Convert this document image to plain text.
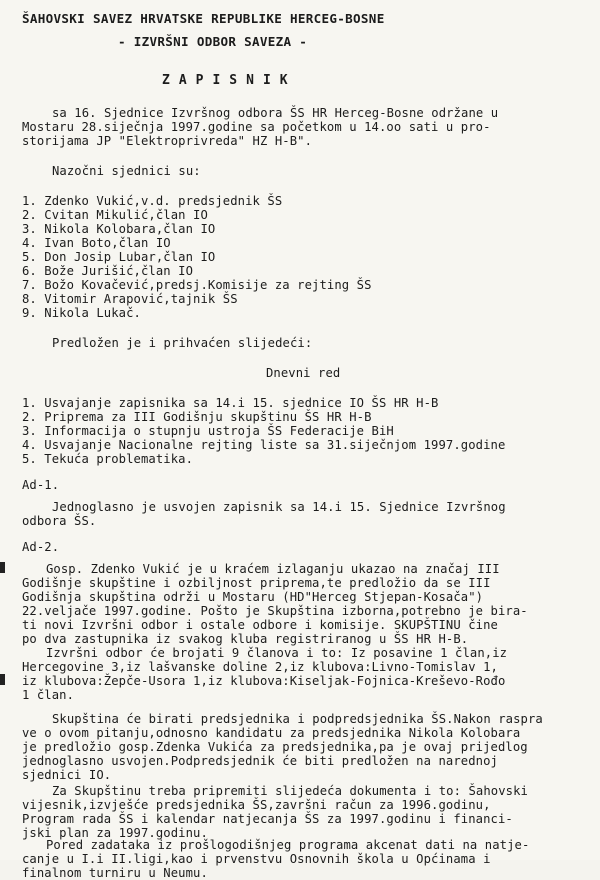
ŠAHOVSKI SAVEZ HRVATSKE REPUBLIKE HERCEG-BOSNE
- IZVRŠNI ODBOR SAVEZA -
ZAPISNIK
sa 16. Sjednice Izvršnog odbora ŠS HR Herceg-Bosne održane u
Mostaru 28.siječnja 1997.godine sa početkom u 14.oo sati u pro-
storijama JP "Elektroprivreda" HZ H-B".
Nazočni sjednici su:
1. Zdenko Vukić,v.d. predsjednik ŠS
2. Cvitan Mikulić,član IO
3. Nikola Kolobara,član IO
4. Ivan Boto,član IO
5. Don Josip Lubar,član IO
6. Bože Jurišić,član IO
7. Božo Kovačević,predsj.Komisije za rejting ŠS
8. Vitomir Arapović,tajnik ŠS
9. Nikola Lukač.
Predložen je i prihvaćen slijedeći:
Dnevni red
1. Usvajanje zapisnika sa 14.i 15. sjednice IO ŠS HR H-B
2. Priprema za III Godišnju skupštinu ŠS HR H-B
3. Informacija o stupnju ustroja ŠS Federacije BiH
4. Usvajanje Nacionalne rejting liste sa 31.siječnjom 1997.godine
5. Tekuća problematika.
Ad-1.
Jednoglasno je usvojen zapisnik sa 14.i 15. Sjednice Izvršnog
odbora ŠS.
Ad-2.
Gosp. Zdenko Vukić je u kraćem izlaganju ukazao na značaj III
Godišnje skupštine i ozbiljnost priprema,te predložio da se III
Godišnja skupština održi u Mostaru (HD"Herceg Stjepan-Kosača")
22.veljače 1997.godine. Pošto je Skupština izborna,potrebno je bira-
ti novi Izvršni odbor i ostale odbore i komisije. SKUPŠTINU čine
po dva zastupnika iz svakog kluba registriranog u ŠS HR H-B.
Izvršni odbor će brojati 9 članova i to: Iz posavine 1 član,iz
Hercegovine 3,iz lašvanske doline 2,iz klubova:Livno-Tomislav 1,
iz klubova:Žepče-Usora 1,iz klubova:Kiseljak-Fojnica-Kreševo-Rođo
1 član.
Skupština će birati predsjednika i podpredsjednika ŠS.Nakon raspra
ve o ovom pitanju,odnosno kandidatu za predsjednika Nikola Kolobara
je predložio gosp.Zdenka Vukića za predsjednika,pa je ovaj prijedlog
jednoglasno usvojen.Podpredsjednik će biti predložen na narednoj
sjednici IO.
Za Skupštinu treba pripremiti slijedeća dokumenta i to: Šahovski
vijesnik,izvješće predsjednika ŠS,završni račun za 1996.godinu,
Program rada ŠS i kalendar natjecanja ŠS za 1997.godinu i financi-
jski plan za 1997.godinu.
Pored zadataka iz prošlogodišnjeg programa akcenat dati na natje-
canje u I.i II.ligi,kao i prvenstvu Osnovnih škola u Općinama i
finalnom turniru u Neumu.
